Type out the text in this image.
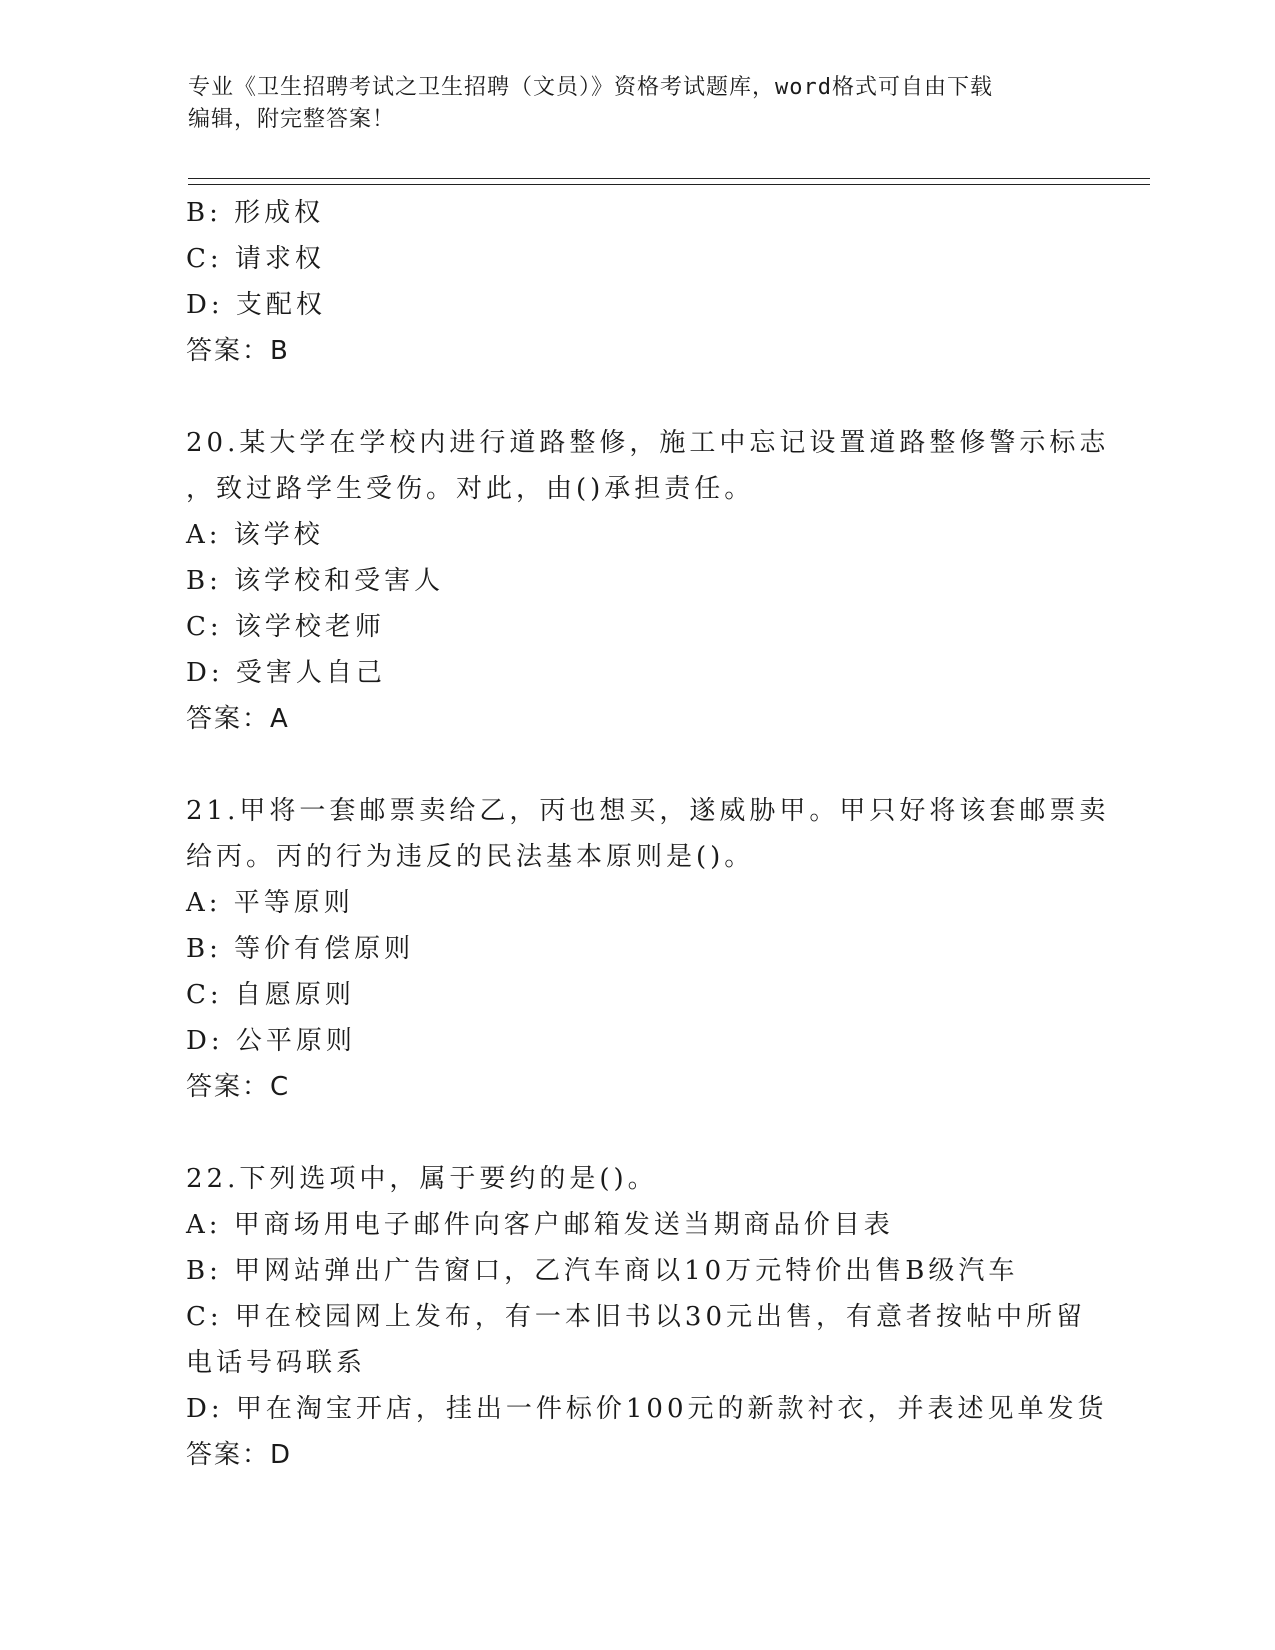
专业《卫生招聘考试之卫生招聘（文员）》资格考试题库，word格式可自由下载
编辑，附完整答案！
B: 形成权
C: 请求权
D: 支配权
答案：B
20.某大学在学校内进行道路整修，施工中忘记设置道路整修警示标志
，致过路学生受伤。对此，由()承担责任。
A: 该学校
B: 该学校和受害人
C: 该学校老师
D: 受害人自己
答案：A
21.甲将一套邮票卖给乙，丙也想买，遂威胁甲。甲只好将该套邮票卖
给丙。丙的行为违反的民法基本原则是()。
A: 平等原则
B: 等价有偿原则
C: 自愿原则
D: 公平原则
答案：C
22.下列选项中，属于要约的是()。
A: 甲商场用电子邮件向客户邮箱发送当期商品价目表
B: 甲网站弹出广告窗口，乙汽车商以10万元特价出售B级汽车
C: 甲在校园网上发布，有一本旧书以30元出售，有意者按帖中所留
电话号码联系
D: 甲在淘宝开店，挂出一件标价100元的新款衬衣，并表述见单发货
答案：D
